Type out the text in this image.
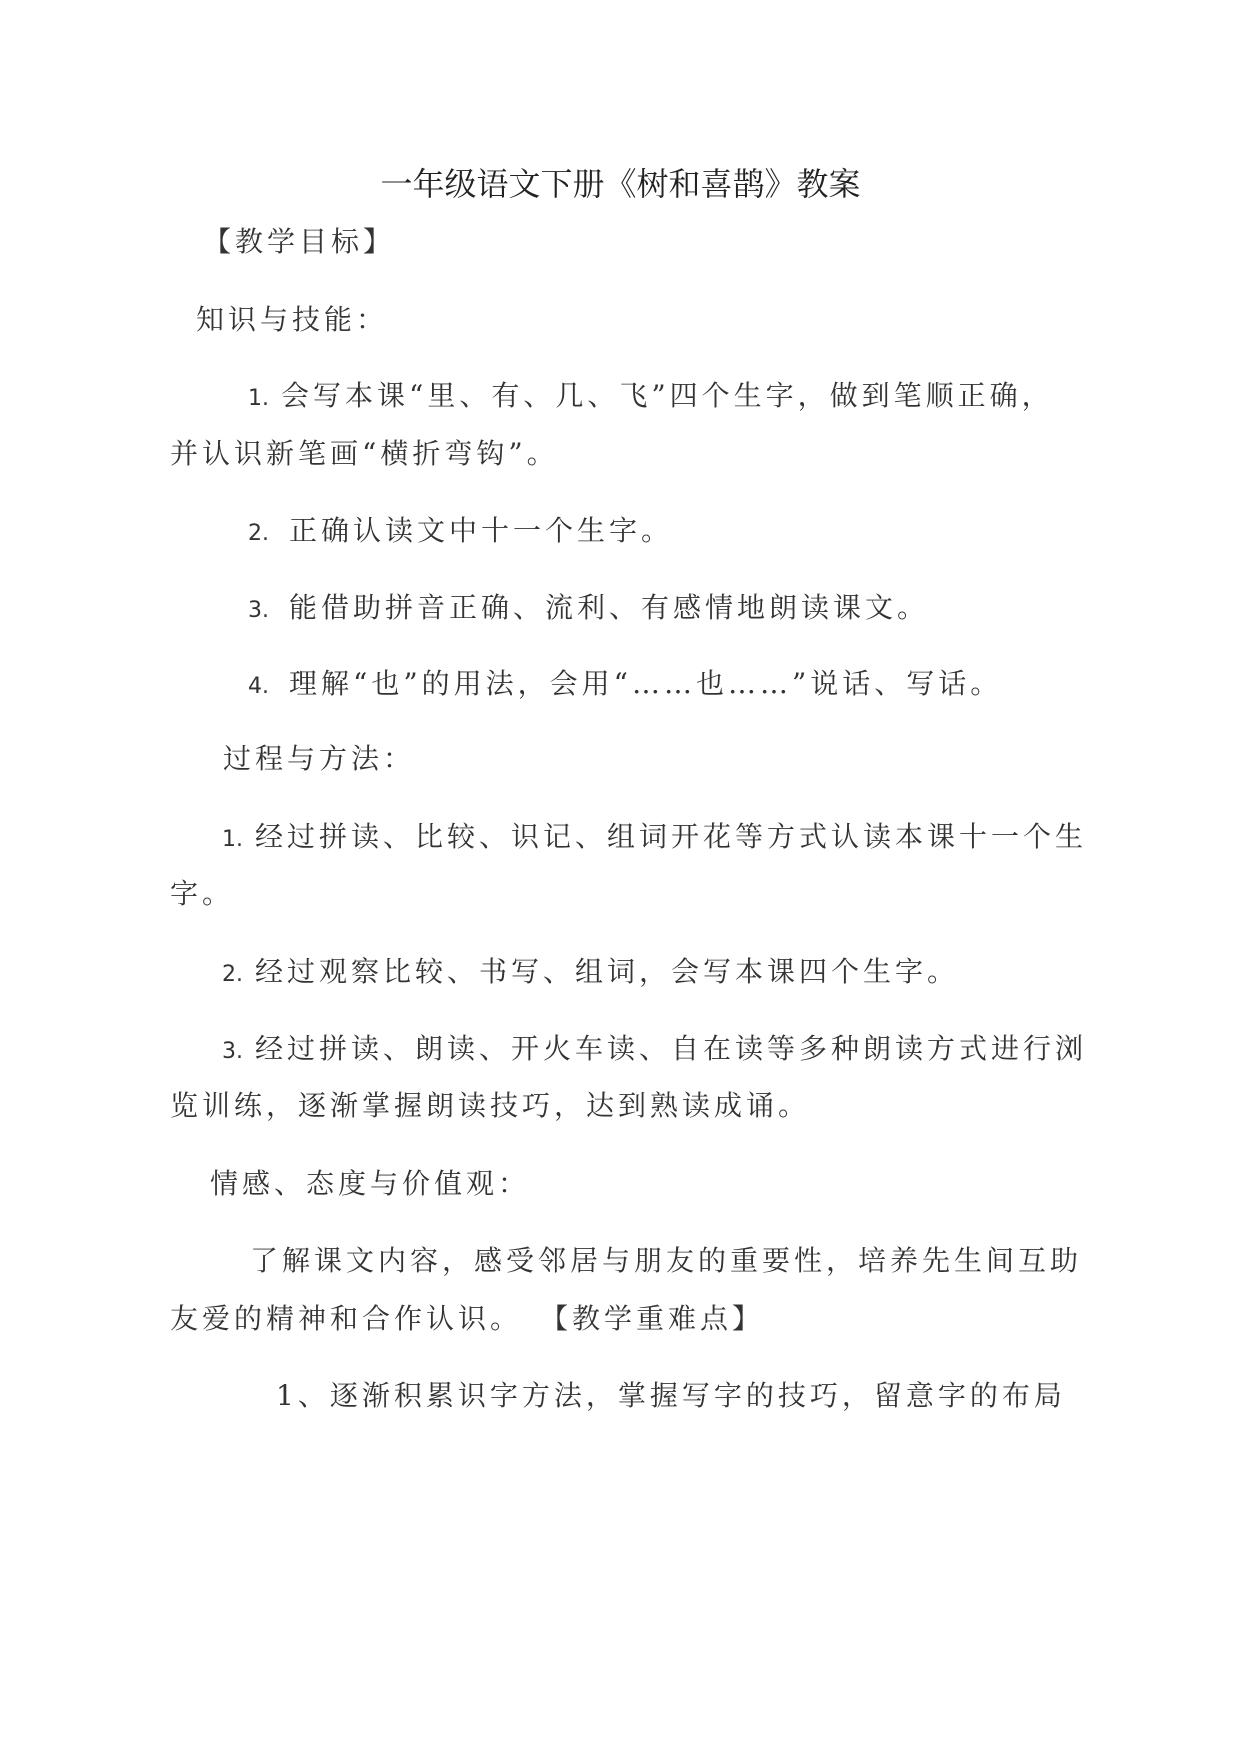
一年级语文下册《树和喜鹊》教案
【教学目标】
知识与技能：
1. 会写本课“里、有、几、飞”四个生字，做到笔顺正确，
并认识新笔画“横折弯钩”。
2. 正确认读文中十一个生字。
3. 能借助拼音正确、流利、有感情地朗读课文。
4. 理解“也”的用法，会用“……也……”说话、写话。
过程与方法：
1. 经过拼读、比较、识记、组词开花等方式认读本课十一个生
字。
2. 经过观察比较、书写、组词，会写本课四个生字。
3. 经过拼读、朗读、开火车读、自在读等多种朗读方式进行浏
览训练，逐渐掌握朗读技巧，达到熟读成诵。
情感、态度与价值观：
了解课文内容，感受邻居与朋友的重要性，培养先生间互助
友爱的精神和合作认识。 【教学重难点】
1、逐渐积累识字方法，掌握写字的技巧，留意字的布局
